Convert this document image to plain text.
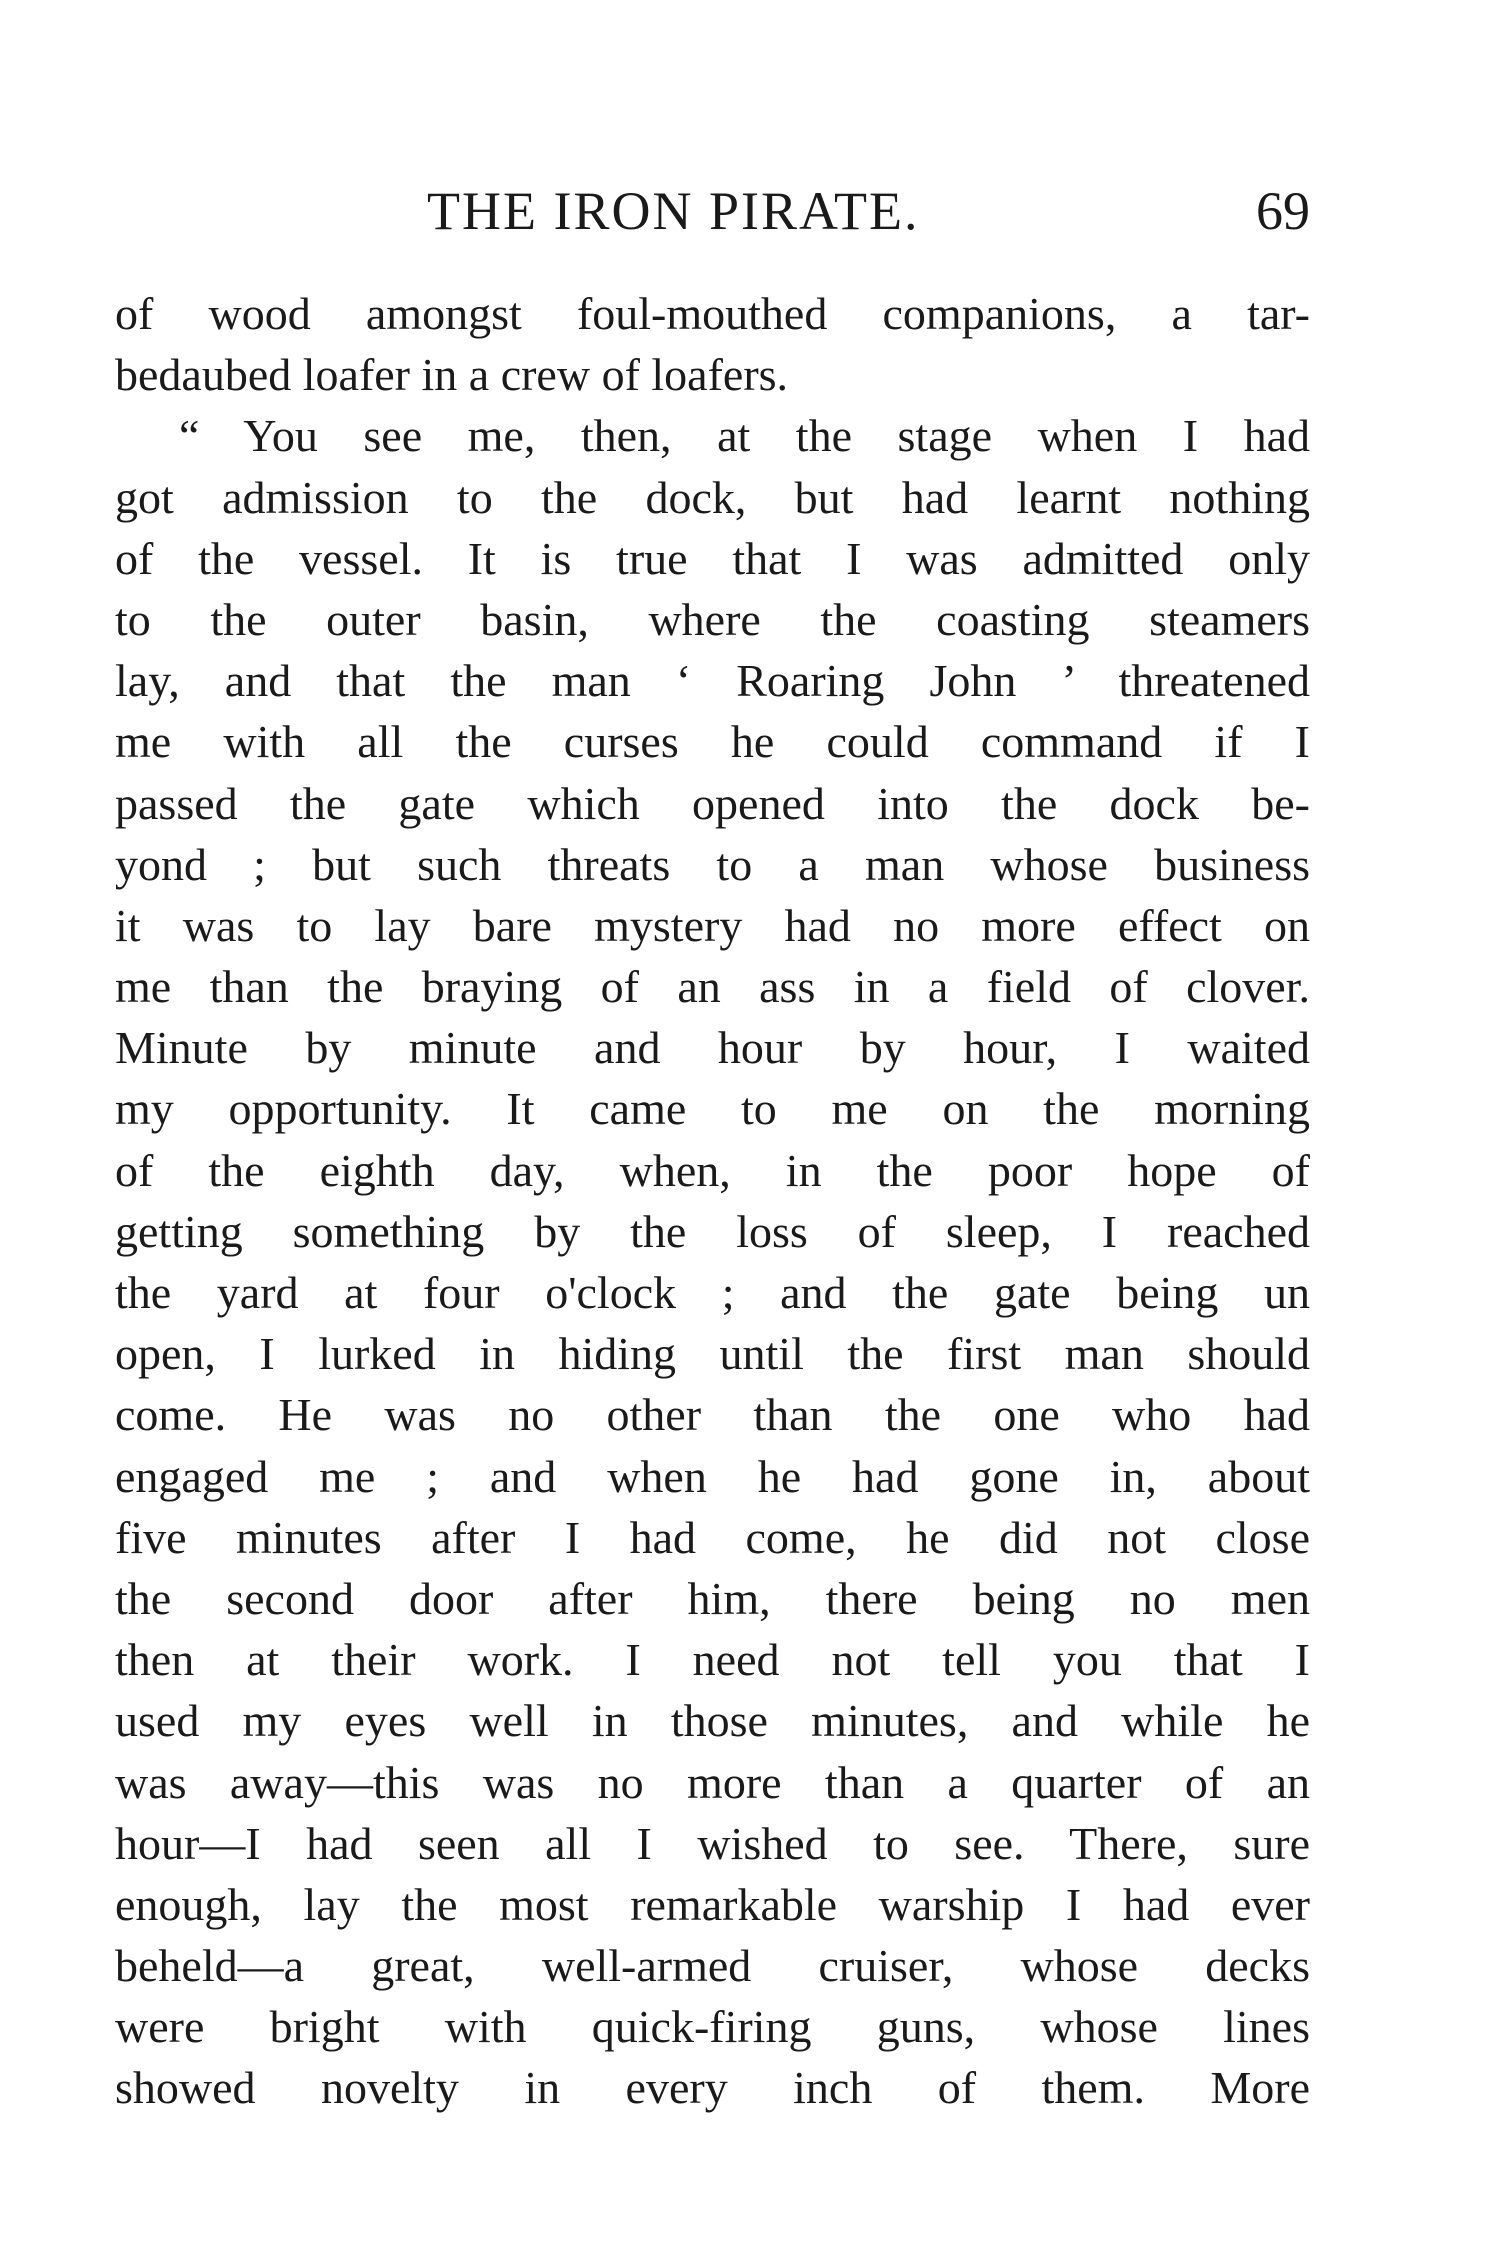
THE IRON PIRATE.	69
of wood amongst foul-mouthed companions, a tar-
bedaubed loafer in a crew of loafers.
“ You see me, then, at the stage when I had
got admission to the dock, but had learnt nothing
of the vessel. It is true that I was admitted only
to the outer basin, where the coasting steamers
lay, and that the man ‘ Roaring John ’ threatened
me with all the curses he could command if I
passed the gate which opened into the dock be-
yond ; but such threats to a man whose business
it was to lay bare mystery had no more effect on
me than the braying of an ass in a field of clover.
Minute by minute and hour by hour, I waited
my opportunity. It came to me on the morning
of the eighth day, when, in the poor hope of
getting something by the loss of sleep, I reached
the yard at four o'clock ; and the gate being un
open, I lurked in hiding until the first man should
come. He was no other than the one who had
engaged me ; and when he had gone in, about
five minutes after I had come, he did not close
the second door after him, there being no men
then at their work. I need not tell you that I
used my eyes well in those minutes, and while he
was away—this was no more than a quarter of an
hour—I had seen all I wished to see. There, sure
enough, lay the most remarkable warship I had ever
beheld—a great, well-armed cruiser, whose decks
were bright with quick-firing guns, whose lines
showed novelty in every inch of them. More
